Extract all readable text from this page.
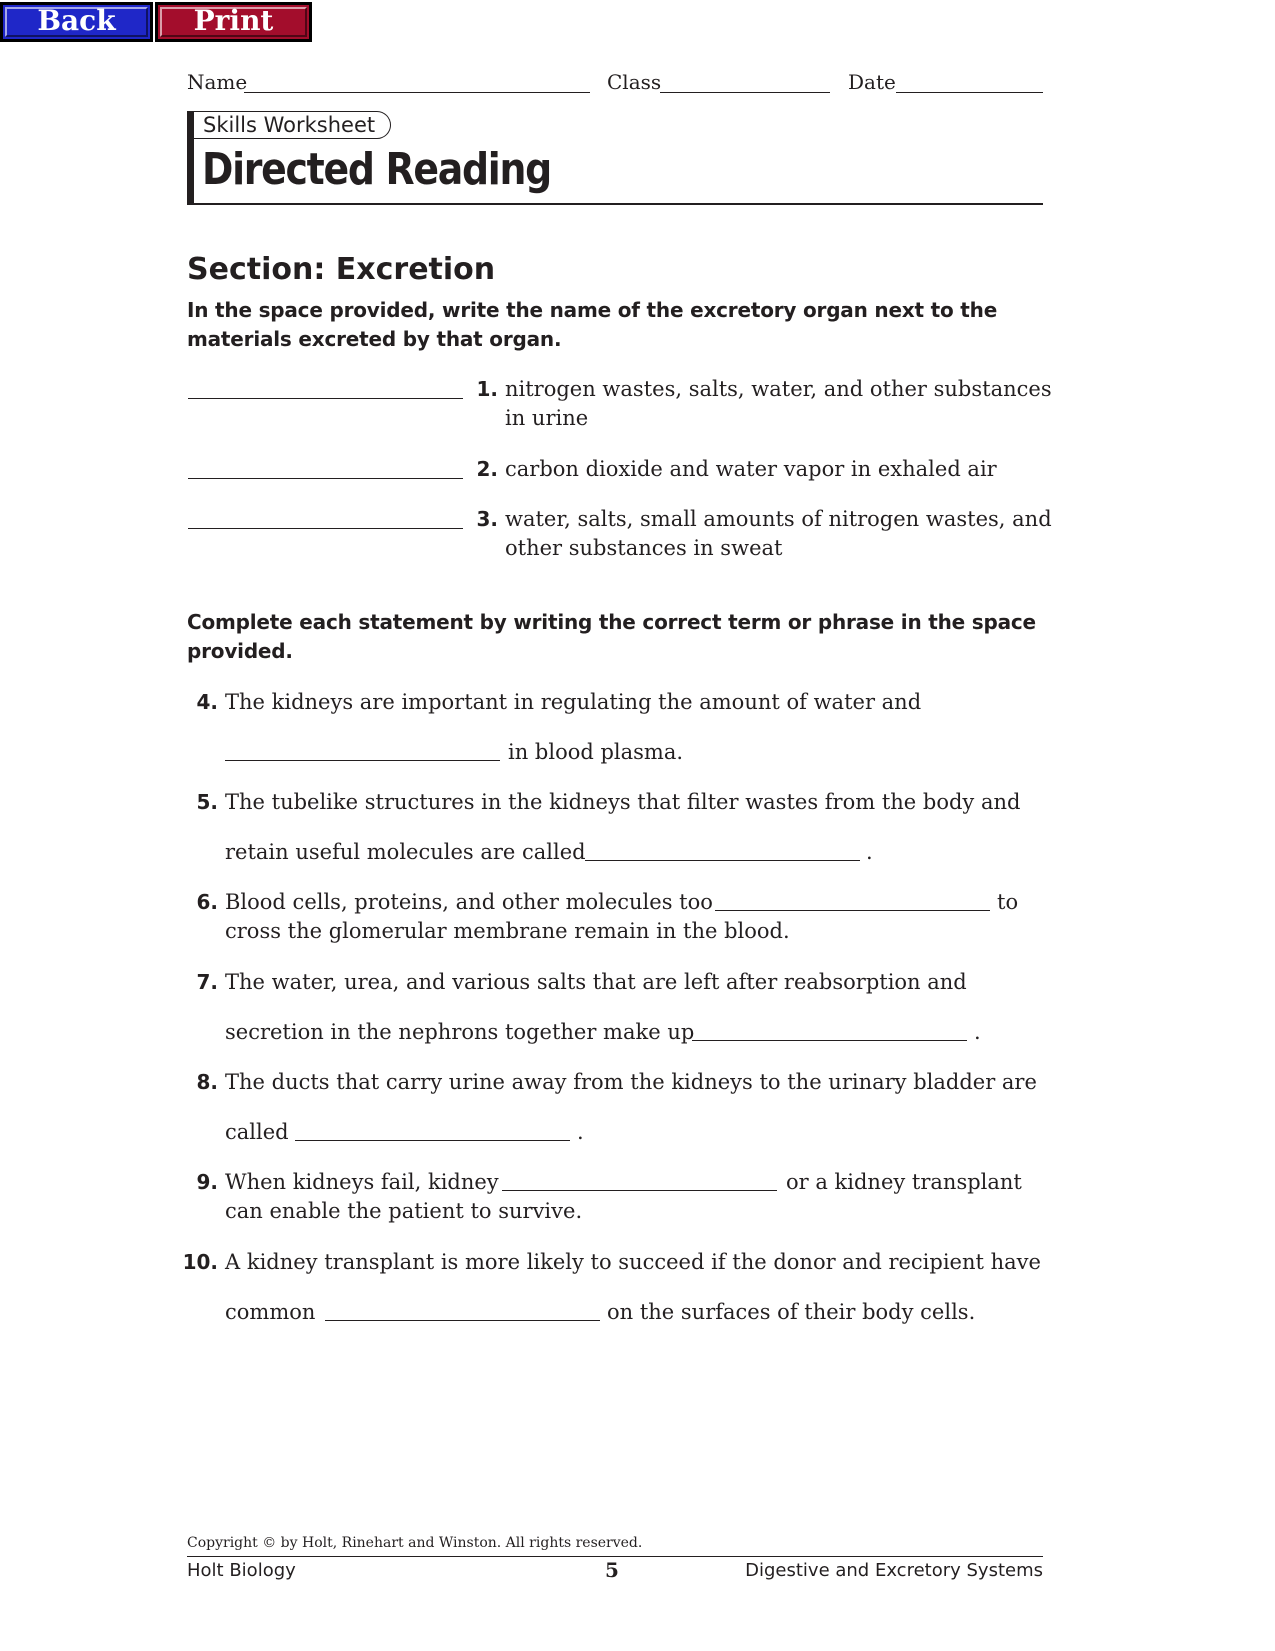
Back	Print
Name	Class	Date
Skills Worksheet
Directed Reading
Section: Excretion
In the space provided, write the name of the excretory organ next to the materials excreted by that organ.
1. nitrogen wastes, salts, water, and other substances
in urine
2. carbon dioxide and water vapor in exhaled air
3. water, salts, small amounts of nitrogen wastes, and
other substances in sweat
Complete each statement by writing the correct term or phrase in the space provided.
4. The kidneys are important in regulating the amount of water and
in blood plasma.
5. The tubelike structures in the kidneys that filter wastes from the body and
retain useful molecules are called	.
6. Blood cells, proteins, and other molecules too	to
cross the glomerular membrane remain in the blood.
7. The water, urea, and various salts that are left after reabsorption and
secretion in the nephrons together make up	.
8. The ducts that carry urine away from the kidneys to the urinary bladder are
called	.
9. When kidneys fail, kidney	or a kidney transplant
can enable the patient to survive.
10. A kidney transplant is more likely to succeed if the donor and recipient have
common	on the surfaces of their body cells.
Copyright © by Holt, Rinehart and Winston. All rights reserved.
Holt Biology	5	Digestive and Excretory Systems
